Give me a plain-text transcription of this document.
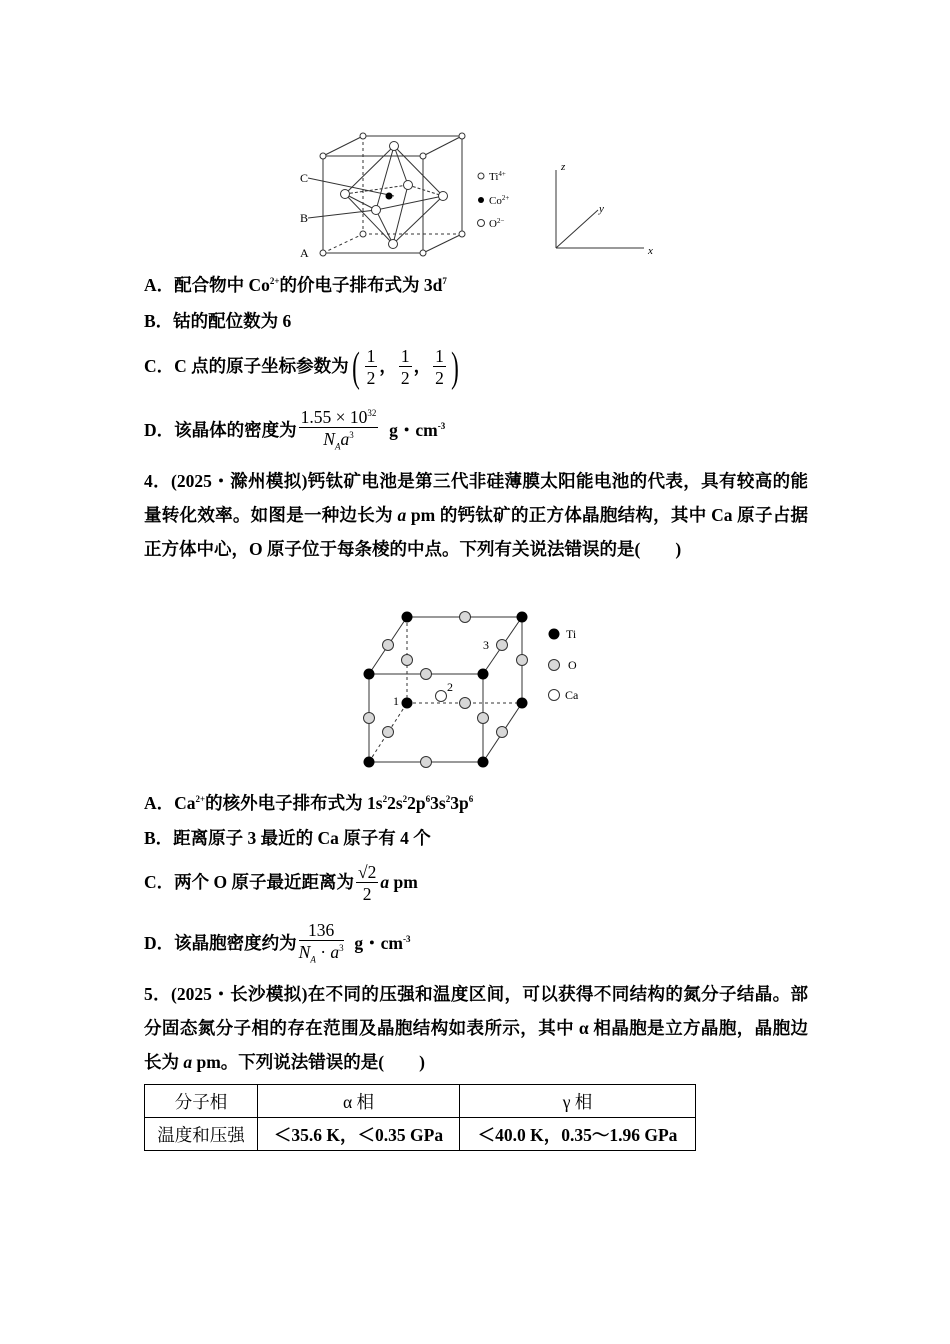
C
B
A
$Ti^{4+}$
$Co^{2+}$
$O^{2-}$
z
y
x
A．配合物中 $Co^{2+}$的价电子排布式为 $3d^7$
B．钴的配位数为 6
C．C 点的原子坐标参数为( $\frac{1}{2}$ ， $\frac{1}{2}$ ， $\frac{1}{2}$ )
D．该晶体的密度为 $\frac{1.55 \times 10^{32}}{N_Aa^3}$ g・$cm^{-3}$
4．(2025・滁州模拟)钙钛矿电池是第三代非硅薄膜太阳能电池的代表，具有较高的能量转化效率。如图是一种边长为 a pm 的钙钛矿的正方体晶胞结构，其中 Ca 原子占据正方体中心，O 原子位于每条棱的中点。下列有关说法错误的是(　　)
1
2
3
Ti
O
Ca
A．$Ca^{2+}$的核外电子排布式为 $1s^22s^22p^63s^23p^6$
B．距离原子 3 最近的 Ca 原子有 4 个
C．两个 O 原子最近距离为 $\frac{√2}{2}$ a pm
D．该晶胞密度约为 $\frac{136}{N_A \cdot a^3}$ g・$cm^{-3}$
5．(2025・长沙模拟)在不同的压强和温度区间，可以获得不同结构的氮分子结晶。部分固态氮分子相的存在范围及晶胞结构如表所示，其中 α 相晶胞是立方晶胞，晶胞边长为 a pm。下列说法错误的是(　　)
分子相	α 相	γ 相
温度和压强	＜35.6 K，＜0.35 GPa	＜40.0 K，0.35～1.96 GPa
